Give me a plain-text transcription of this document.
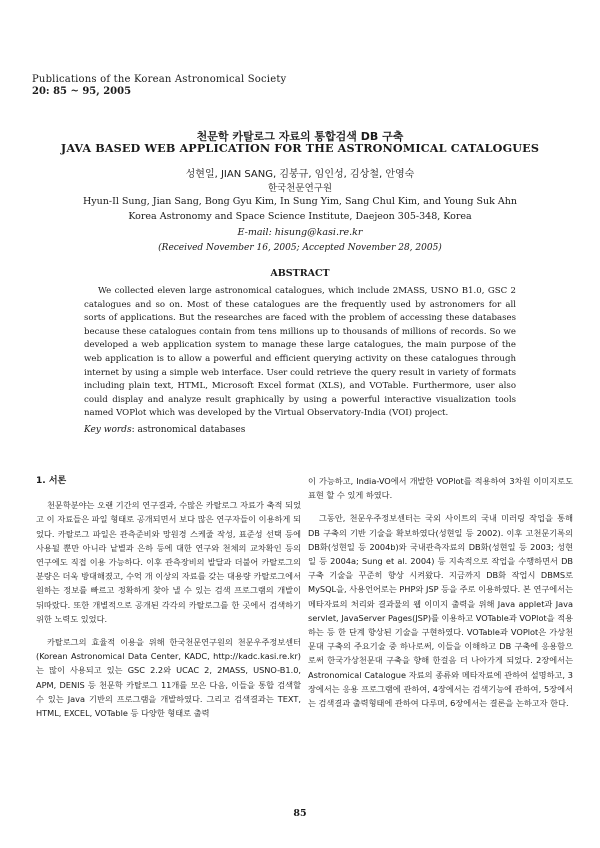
Publications of the Korean Astronomical Society
20: 85 ~ 95, 2005
천문학 카탈로그 자료의 통합검색 DB 구축
JAVA BASED WEB APPLICATION FOR THE ASTRONOMICAL CATALOGUES
성현일, JIAN SANG, 김봉규, 임인성, 김상철, 안영숙
한국천문연구원
Hyun-Il Sung, Jian Sang, Bong Gyu Kim, In Sung Yim, Sang Chul Kim, and Young Suk Ahn
Korea Astronomy and Space Science Institute, Daejeon 305-348, Korea
E-mail: hisung@kasi.re.kr
(Received November 16, 2005; Accepted November 28, 2005)
ABSTRACT
We collected eleven large astronomical catalogues, which include 2MASS, USNO B1.0, GSC 2 catalogues and so on. Most of these catalogues are the frequently used by astronomers for all sorts of applications. But the researches are faced with the problem of accessing these databases because these catalogues contain from tens millions up to thousands of millions of records. So we developed a web application system to manage these large catalogues, the main purpose of the web application is to allow a powerful and efficient querying activity on these catalogues through internet by using a simple web interface. User could retrieve the query result in variety of formats including plain text, HTML, Microsoft Excel format (XLS), and VOTable. Furthermore, user also could display and analyze result graphically by using a powerful interactive visualization tools named VOPlot which was developed by the Virtual Observatory-India (VOI) project.
Key words: astronomical databases

1. 서론

천문학분야는 오랜 기간의 연구결과, 수많은 카탈로그 자료가 축적 되었고 이 자료들은 파일 형태로 공개되면서 보다 많은 연구자들이 이용하게 되었다. 카탈로그 파일은 관측준비와 망원경 스케줄 작성, 표준성 선택 등에 사용될 뿐만 아니라 낱별과 은하 등에 대한 연구와 천체의 교차확인 등의 연구에도 직접 이용 가능하다. 이후 관측장비의 발달과 더불어 카탈로그의 분량은 더욱 방대해졌고, 수억 개 이상의 자료를 갖는 대용량 카탈로그에서 원하는 정보를 빠르고 정확하게 찾아 낼 수 있는 검색 프로그램의 개발이 뒤따랐다. 또한 개별적으로 공개된 각각의 카탈로그를 한 곳에서 검색하기 위한 노력도 있었다.

카탈로그의 효율적 이용을 위해 한국천문연구원의 천문우주정보센터(Korean Astronomical Data Center, KADC, http://kadc.kasi.re.kr)는 많이 사용되고 있는 GSC 2.2와 UCAC 2, 2MASS, USNO-B1.0, APM, DENIS 등 천문학 카탈로그 11개를 모은 다음, 이들을 통합 검색할 수 있는 Java 기반의 프로그램을 개발하였다. 그리고 검색결과는 TEXT, HTML, EXCEL, VOTable 등 다양한 형태로 출력

이 가능하고, India-VO에서 개발한 VOPlot를 적용하여 3차원 이미지로도 표현 할 수 있게 하였다.

그동안, 천문우주정보센터는 국외 사이트의 국내 미러링 작업을 통해 DB 구축의 기반 기술을 확보하였다(성현일 등 2002). 이후 고천문기록의 DB화(성현일 등 2004b)와 국내관측자료의 DB화(성현일 등 2003; 성현일 등 2004a; Sung et al. 2004) 등 지속적으로 작업을 수행하면서 DB구축 기술을 꾸준히 향상 시켜왔다. 지금까지 DB화 작업시 DBMS로 MySQL을, 사용언어로는 PHP와 JSP 등을 주로 이용하였다. 본 연구에서는 메타자료의 처리와 결과물의 웹 이미지 출력을 위해 Java applet과 Java servlet, JavaServer Pages(JSP)를 이용하고 VOTable과 VOPlot을 적용 하는 등 한 단계 향상된 기술을 구현하였다. VOTable과 VOPlot은 가상천문대 구축의 주요기술 중 하나로써, 이들을 이해하고 DB 구축에 응용함으로써 한국가상천문대 구축을 향해 한걸음 더 나아가게 되었다. 2장에서는 Astronomical Catalogue 자료의 종류와 메타자료에 관하여 설명하고, 3장에서는 응용 프로그램에 관하여, 4장에서는 검색기능에 관하여, 5장에서는 검색결과 출력형태에 관하여 다루며, 6장에서는 결론을 논하고자 한다.

85
